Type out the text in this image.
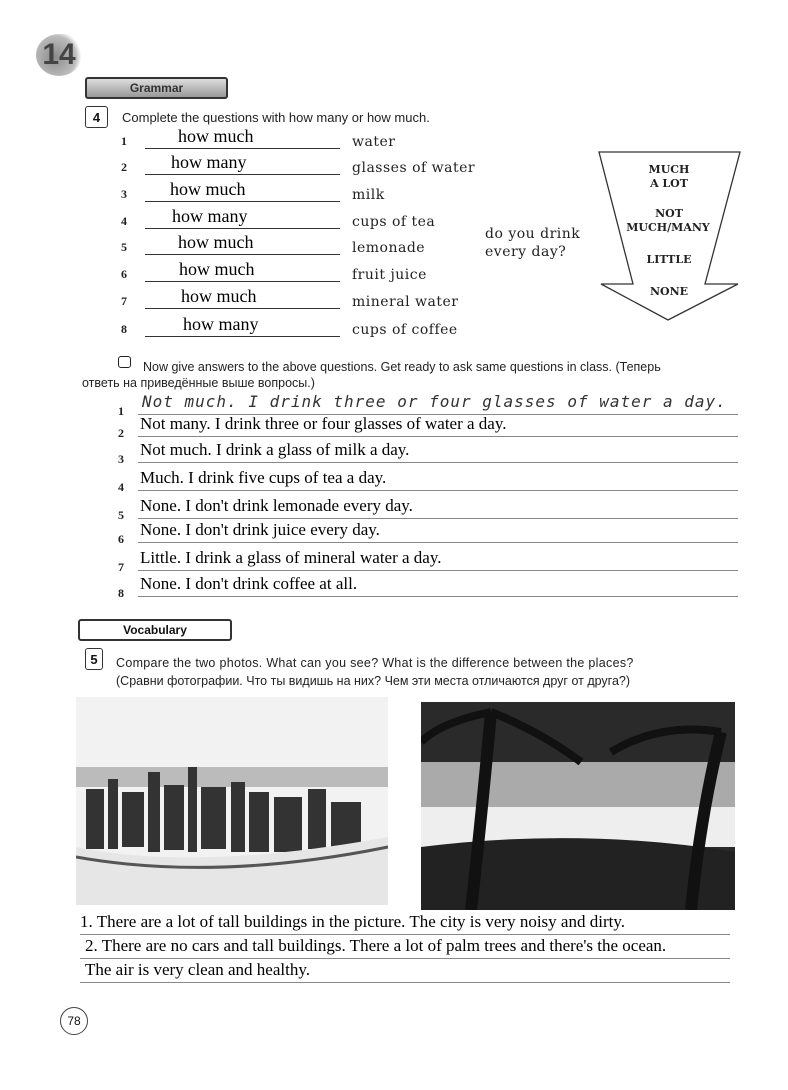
14
Grammar
4	Complete the questions with how many or how much.
1	how much	water
2 how many	glasses of water
3 how much	milk
4	how many	cups of tea
5	how much	lemonade
6	how much	fruit juice
7	how much	mineral water
8	how many	cups of coffee
do you drink
every day?
MUCH
A LOT
NOT
MUCH/MANY
LITTLE
NONE
Now give answers to the above questions. Get ready to ask same questions in class. (Теперь
ответь на приведённые выше вопросы.)
1 Not much. I drink three or four glasses of water a day.
2 Not many. I drink three or four glasses of water a day.
3 Not much. I drink a glass of milk a day.
4 Much. I drink five cups of tea a day.
5 None. I don't drink lemonade every day.
6 None. I don't drink juice every day.
7 Little. I drink a glass of mineral water a day.
8 None. I don't drink coffee at all.
Vocabulary
5	Compare the two photos. What can you see? What is the difference between the places?
(Сравни фотографии. Что ты видишь на них? Чем эти места отличаются друг от друга?)
1. There are a lot of tall buildings in the picture. The city is very noisy and dirty.
2. There are no cars and tall buildings. There a lot of palm trees and there's the ocean.
The air is very clean and healthy.
78
